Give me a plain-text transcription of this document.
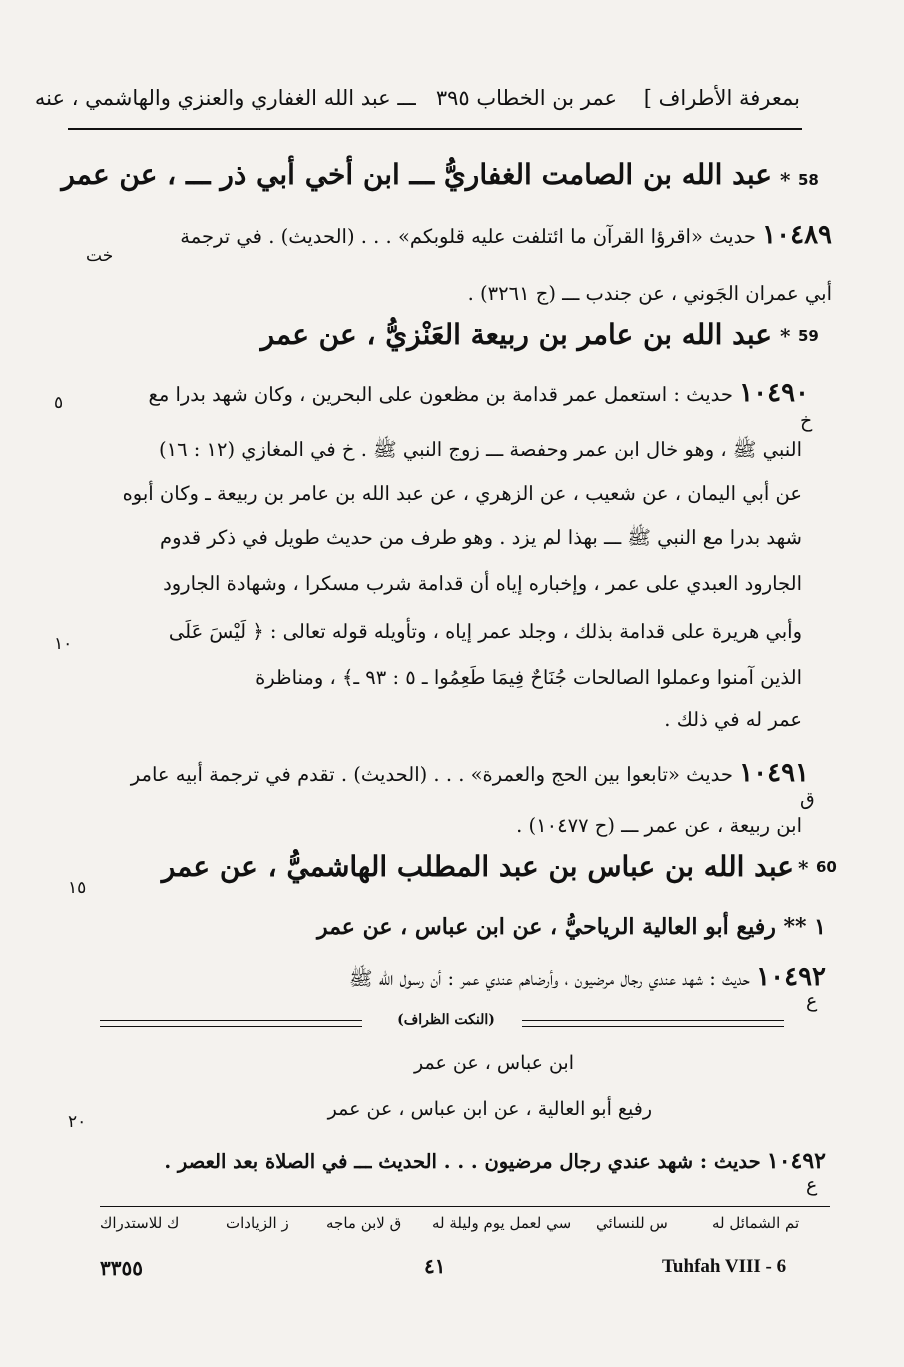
بمعرفة الأطراف ]    عمر بن الخطاب ٣٩٥   ـــ عبد الله الغفاري والعنزي والهاشمي ، عنه
58
*
عبد الله بن الصامت الغفاريُّ ـــ ابن أخي أبي ذر ـــ ، عن عمر
١٠٤٨٩ حديث «اقرؤا القرآن ما ائتلفت عليه قلوبكم» . . . (الحديث) . في ترجمة
خت
أبي عمران الجَوني ، عن جندب ـــ (ج ٣٢٦١) .
59
*
عبد الله بن عامر بن ربيعة العَنْزيُّ ، عن عمر
٥	١٠٤٩٠ حديث : استعمل عمر قدامة بن مظعون على البحرين ، وكان شهد بدرا مع
خ
النبي ﷺ ، وهو خال ابن عمر وحفصة ـــ زوج النبي ﷺ . خ في المغازي (١٢ : ١٦)
عن أبي اليمان ، عن شعيب ، عن الزهري ، عن عبد الله بن عامر بن ربيعة ـ وكان أبوه
شهد بدرا مع النبي ﷺ ـــ بهذا لم يزد . وهو طرف من حديث طويل في ذكر قدوم
الجارود العبدي على عمر ، وإخباره إياه أن قدامة شرب مسكرا ، وشهادة الجارود
١٠
وأبي هريرة على قدامة بذلك ، وجلد عمر إياه ، وتأويله قوله تعالى : ﴿ لَيْسَ عَلَى
الذين آمنوا وعملوا الصالحات جُنَاحٌ فِيمَا طَعِمُوا ـ ٥ : ٩٣ ـ﴾ ، ومناظرة
عمر له في ذلك .
١٠٤٩١ حديث «تابعوا بين الحج والعمرة» . . . (الحديث) . تقدم في ترجمة أبيه عامر
ق
ابن ربيعة ، عن عمر ـــ (ح ١٠٤٧٧) .
60
*
عبد الله بن عباس بن عبد المطلب الهاشميُّ ، عن عمر
١٥
١ ** رفيع أبو العالية الرياحيُّ ، عن ابن عباس ، عن عمر
١٠٤٩٢ حديث : شهد عندي رجال مرضيون ، وأرضاهم عندي عمر : أن رسول الله ﷺ
ع
(النكت الظراف)
ابن عباس ، عن عمر
رفيع أبو العالية ، عن ابن عباس ، عن عمر
٢٠
١٠٤٩٢ حديث : شهد عندي رجال مرضيون . . . الحديث ـــ في الصلاة بعد العصر .
ع
تم الشمائل له
س للنسائي
سي لعمل يوم وليلة له
ق لابن ماجه
ز الزيادات
ك للاستدراك
٣٣٥٥	٤١	Tuhfah VIII - 6
